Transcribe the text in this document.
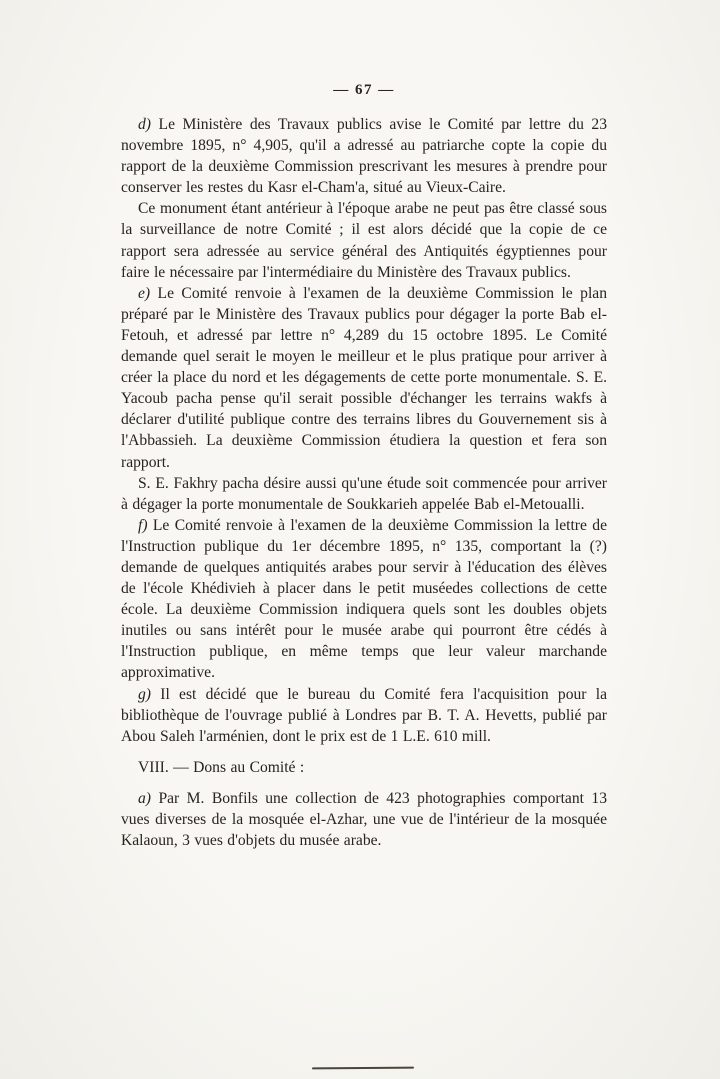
— 67 —

d) Le Ministère des Travaux publics avise le Comité par lettre du 23 novembre 1895, n° 4,905, qu'il a adressé au patriarche copte la copie du rapport de la deuxième Commission prescrivant les mesures à prendre pour conserver les restes du Kasr el-Cham'a, situé au Vieux-Caire.

Ce monument étant antérieur à l'époque arabe ne peut pas être classé sous la surveillance de notre Comité ; il est alors décidé que la copie de ce rapport sera adressée au service général des Antiquités égyptiennes pour faire le nécessaire par l'intermédiaire du Ministère des Travaux publics.

e) Le Comité renvoie à l'examen de la deuxième Commission le plan préparé par le Ministère des Travaux publics pour dégager la porte Bab el-Fetouh, et adressé par lettre n° 4,289 du 15 octobre 1895. Le Comité demande quel serait le moyen le meilleur et le plus pratique pour arriver à créer la place du nord et les dégagements de cette porte monumentale. S. E. Yacoub pacha pense qu'il serait possible d'échanger les terrains wakfs à déclarer d'utilité publique contre des terrains libres du Gouvernement sis à l'Abbassieh. La deuxième Commission étudiera la question et fera son rapport.

S. E. Fakhry pacha désire aussi qu'une étude soit commencée pour arriver à dégager la porte monumentale de Soukkarieh appelée Bab el-Metoualli.

f) Le Comité renvoie à l'examen de la deuxième Commission la lettre de l'Instruction publique du 1er décembre 1895, n° 135, comportant la (?) demande de quelques antiquités arabes pour servir à l'éducation des élèves de l'école Khédivieh à placer dans le petit muséedes collections de cette école. La deuxième Commission indiquera quels sont les doubles objets inutiles ou sans intérêt pour le musée arabe qui pourront être cédés à l'Instruction publique, en même temps que leur valeur marchande approximative.

g) Il est décidé que le bureau du Comité fera l'acquisition pour la bibliothèque de l'ouvrage publié à Londres par B. T. A. Hevetts, publié par Abou Saleh l'arménien, dont le prix est de 1 L.E. 610 mill.

VIII. — Dons au Comité :

a) Par M. Bonfils une collection de 423 photographies comportant 13 vues diverses de la mosquée el-Azhar, une vue de l'intérieur de la mosquée Kalaoun, 3 vues d'objets du musée arabe.
